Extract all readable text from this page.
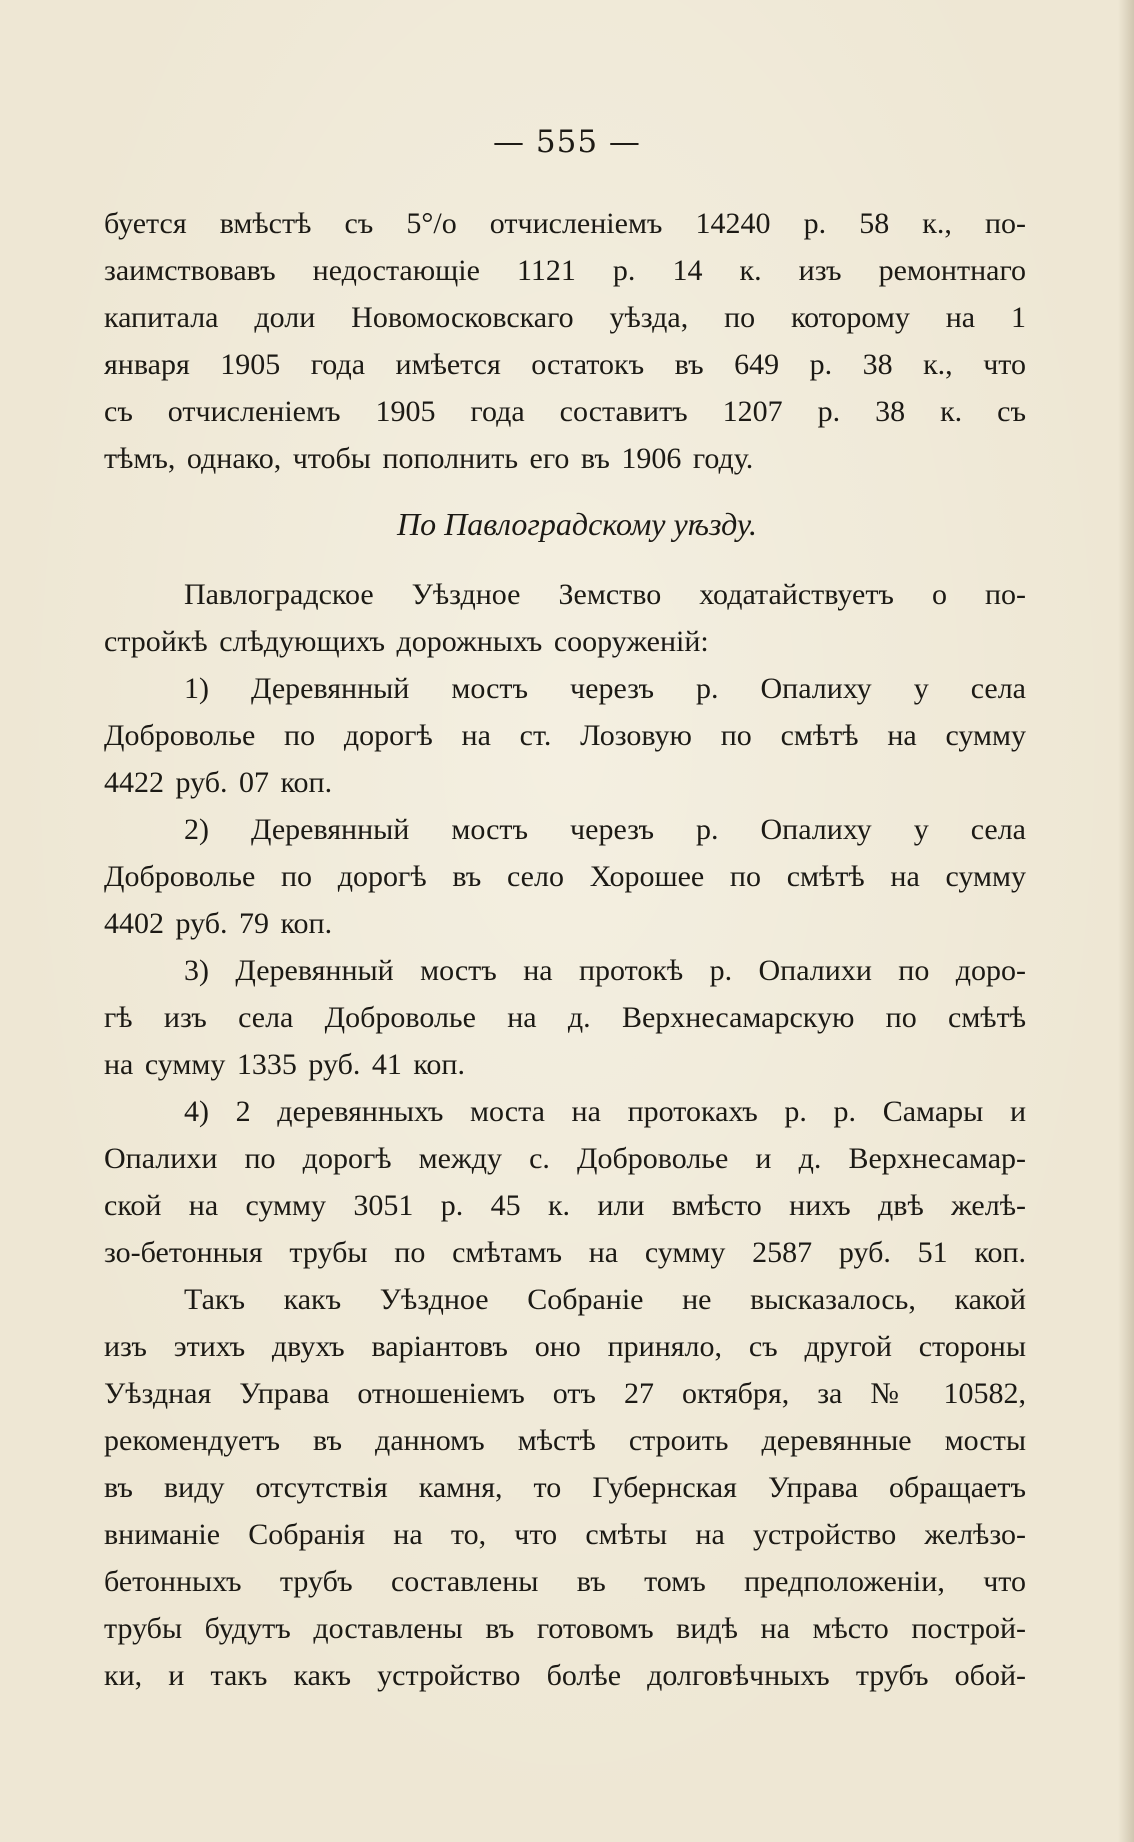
— 555 —
буется вмѣстѣ съ 5°/о отчисленіемъ 14240 р. 58 к., по-
заимствовавъ недостающіе 1121 р. 14 к. изъ ремонтнаго
капитала доли Новомосковскаго уѣзда, по которому на 1
января 1905 года имѣется остатокъ въ 649 р. 38 к., что
съ отчисленіемъ 1905 года составитъ 1207 р. 38 к. съ
тѣмъ, однако, чтобы пополнить его въ 1906 году.
По Павлоградскому уѣзду.
Павлоградское Уѣздное Земство ходатайствуетъ о по-
стройкѣ слѣдующихъ дорожныхъ сооруженій:
1) Деревянный мостъ черезъ р. Опалиху у села
Доброволье по дорогѣ на ст. Лозовую по смѣтѣ на сумму
4422 руб. 07 коп.
2) Деревянный мостъ черезъ р. Опалиху у села
Доброволье по дорогѣ въ село Хорошее по смѣтѣ на сумму
4402 руб. 79 коп.
3) Деревянный мостъ на протокѣ р. Опалихи по доро-
гѣ изъ села Доброволье на д. Верхнесамарскую по смѣтѣ
на сумму 1335 руб. 41 коп.
4) 2 деревянныхъ моста на протокахъ р. р. Самары и
Опалихи по дорогѣ между с. Доброволье и д. Верхнесамар-
ской на сумму 3051 р. 45 к. или вмѣсто нихъ двѣ желѣ-
зо-бетонныя трубы по смѣтамъ на сумму 2587 руб. 51 коп.
Такъ какъ Уѣздное Собраніе не высказалось, какой
изъ этихъ двухъ варіантовъ оно приняло, съ другой стороны
Уѣздная Управа отношеніемъ отъ 27 октября, за № 10582,
рекомендуетъ въ данномъ мѣстѣ строить деревянные мосты
въ виду отсутствія камня, то Губернская Управа обращаетъ
вниманіе Собранія на то, что смѣты на устройство желѣзо-
бетонныхъ трубъ составлены въ томъ предположеніи, что
трубы будутъ доставлены въ готовомъ видѣ на мѣсто построй-
ки, и такъ какъ устройство болѣе долговѣчныхъ трубъ обой-
